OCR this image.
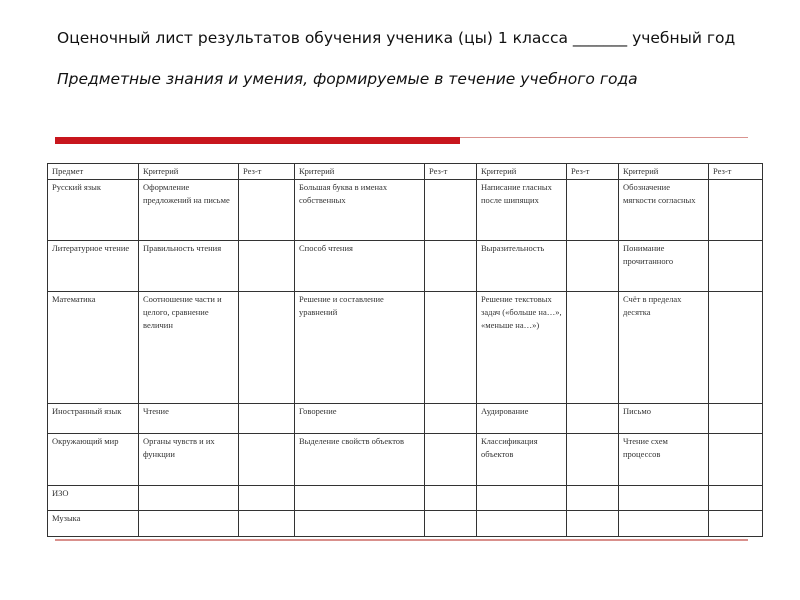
Оценочный лист результатов обучения ученика (цы) 1 класса _______ учебный год
Предметные знания и умения, формируемые в течение учебного года
Предмет	Критерий	Рез-т	Критерий	Рез-т	Критерий	Рез-т	Критерий	Рез-т
Русский язык	Оформление предложений на письме		Большая буква в именах собственных		Написание гласных после шипящих		Обозначение мягкости согласных	
Литературное чтение	Правильность чтения		Способ чтения		Выразительность		Понимание прочитанного	
Математика	Соотношение части и целого, сравнение величин		Решение и составление уравнений		Решение текстовых задач («больше на…», «меньше на…»)		Счёт в пределах десятка	
Иностранный язык	Чтение		Говорение		Аудирование		Письмо	
Окружающий мир	Органы чувств и их функции		Выделение свойств объектов		Классификация объектов		Чтение схем процессов	
ИЗО								
Музыка								
